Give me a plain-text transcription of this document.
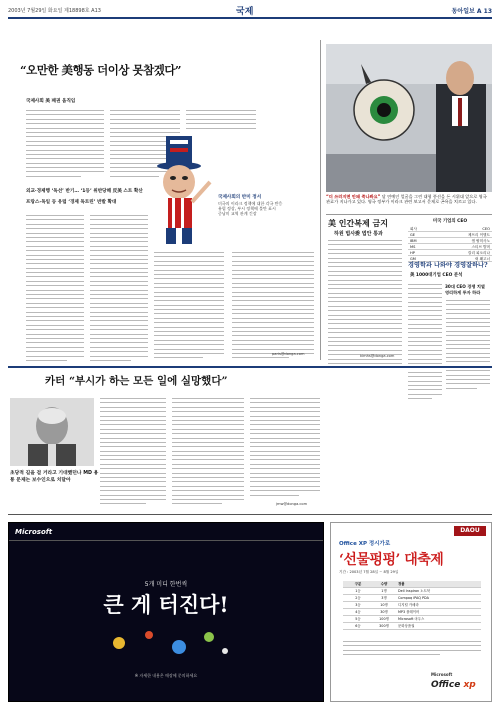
2003년 7월29일 화요일 제18898호 A13	국제	동아일보 A 13
“오만한 美행동 더이상 못참겠다”
국제사회 美 패권 움직임
외교·경제행 ‘독선’ 반기… ‘1등’ 위반당해 反美 스트 확산
프랑스-독일 등 유럽 ‘경제 독트린’ 반발 확대
paris@donga.com
국제사회의 반미 정서
미국의 이라크 정책에 대한 각국 반응
유럽 정상, 부시 정책에 불만 표시
중남미 교역 관계 긴장
“더 쓰러지면 안돼 죽나봐요” 달 연예인 얼굴을 그린 대형 풍선을 든 시위대 앞으로 영국 관료가 지나가고 있다. 영국 정부가 이라크 관련 보고서 문제로 곤욕을 치르고 있다.
美 인간복제 금지
하원 법사委 법안 통과
kimhs@donga.com
미국 기업의 CEO
회사	CEO
GE	제프리 이멜트
IBM	샘 팔미사노
MS	스티브 발머
HP	칼리 피오리나
GM	릭 왜고너
경영학과 나와야 경영잘하나?
美 1000대기업 CEO 분석
30대 CEO 경쟁 치열
영리하게 투자 하라
카터 “부시가 하는 모든 일에 실망했다”
초당적 길을 걸 거라고 기대했던나 MD 용통 문제는 보수인으로 치달아
jmw@donga.com
Microsoft
5개 미디 한번씩
큰 게 터진다!
※ 자세한 내용은 매장에 문의하세요
DAOU
Office XP 정시가로
‘선물펑펑’ 대축제
기간 : 2003년 7월 28일 ~ 8월 29일
구분	수량	경품
1등	1명	Dell Inspiron 노트북
2등	3명	Compaq iPAQ PDA
3등	10명	디지털 카메라
4등	30명	MP3 플레이어
5등	100명	Microsoft 마우스
6등	300명	문화상품권
Microsoft
Office xp
